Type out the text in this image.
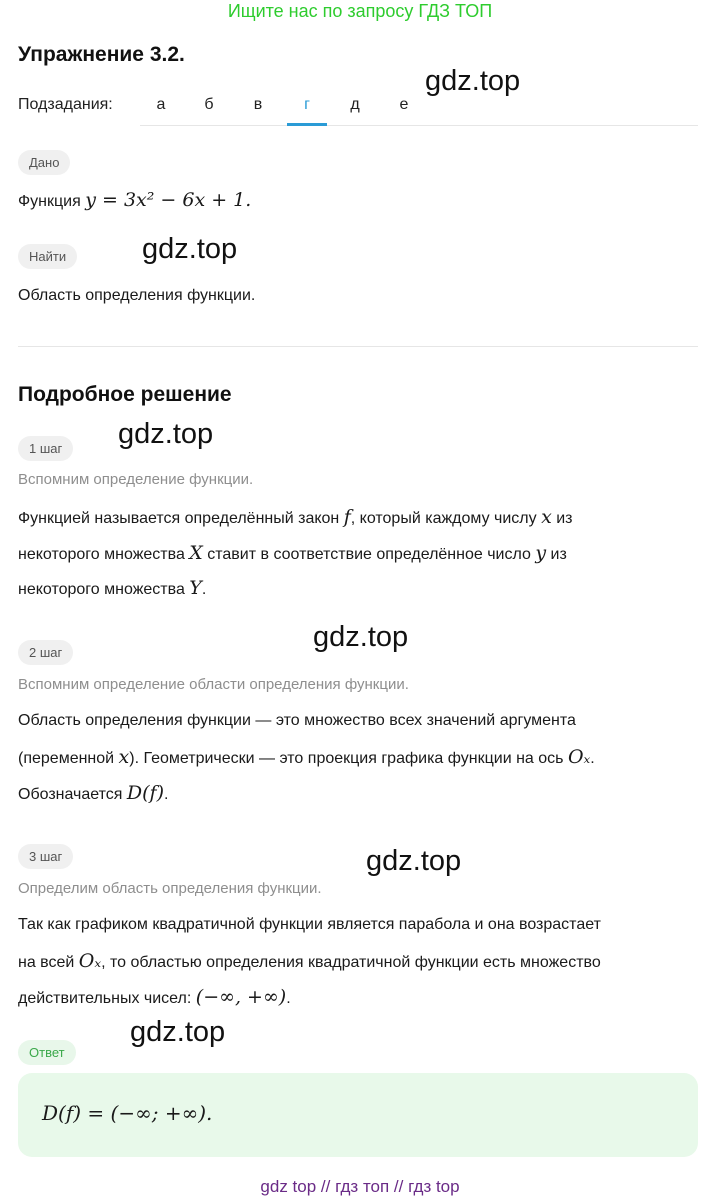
Ищите нас по запросу ГДЗ ТОП
Упражнение 3.2.
gdz.top
gdz.top
gdz.top
gdz.top
gdz.top
gdz.top
Подзадания:	а	б	в	г	д	е
Дано
Функция y = 3x² − 6x + 1.
Найти
Область определения функции.
Подробное решение
1 шаг
Вспомним определение функции.
Функцией называется определённый закон f, который каждому числу x из
некоторого множества X ставит в соответствие определённое число y из
некоторого множества Y.
2 шаг
Вспомним определение области определения функции.
Область определения функции — это множество всех значений аргумента
(переменной x). Геометрически — это проекция графика функции на ось Oₓ.
Обозначается D(f).
3 шаг
Определим область определения функции.
Так как графиком квадратичной функции является парабола и она возрастает
на всей Oₓ, то областью определения квадратичной функции есть множество
действительных чисел: (−∞, +∞).
Ответ
D(f) = (−∞; +∞).
gdz top // гдз топ // гдз top
